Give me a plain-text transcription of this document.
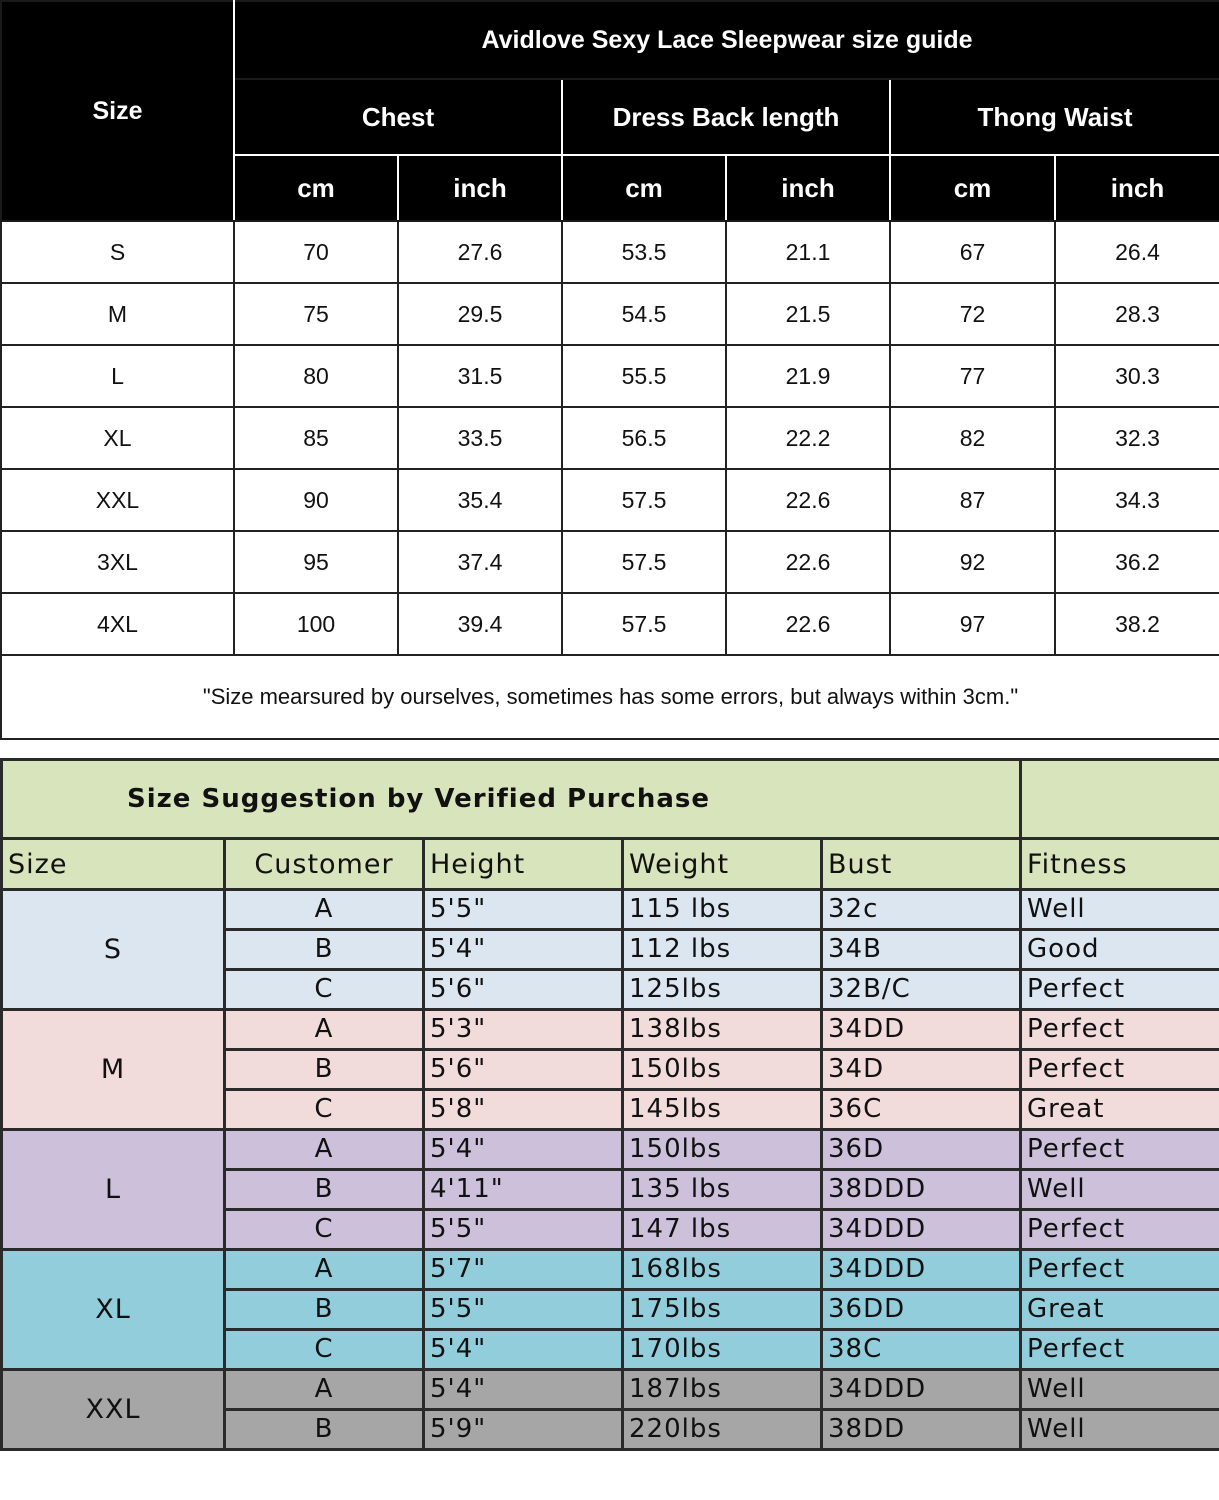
Size	Avidlove Sexy Lace Sleepwear size guide					
	Chest		Dress Back length		Thong Waist	
	cm	inch	cm	inch	cm	inch
S	70	27.6	53.5	21.1	67	26.4
M	75	29.5	54.5	21.5	72	28.3
L	80	31.5	55.5	21.9	77	30.3
XL	85	33.5	56.5	22.2	82	32.3
XXL	90	35.4	57.5	22.6	87	34.3
3XL	95	37.4	57.5	22.6	92	36.2
4XL	100	39.4	57.5	22.6	97	38.2
"Size mearsured by ourselves, sometimes has some errors, but always within 3cm."						
Size Suggestion by Verified Purchase					
Size	Customer	Height	Weight	Bust	Fitness
S	A	5'5"	115 lbs	32c	Well
	B	5'4"	112 lbs	34B	Good
	C	5'6"	125lbs	32B/C	Perfect
M	A	5'3"	138lbs	34DD	Perfect
	B	5'6"	150lbs	34D	Perfect
	C	5'8"	145lbs	36C	Great
L	A	5'4"	150lbs	36D	Perfect
	B	4'11"	135 lbs	38DDD	Well
	C	5'5"	147 lbs	34DDD	Perfect
XL	A	5'7"	168lbs	34DDD	Perfect
	B	5'5"	175lbs	36DD	Great
	C	5'4"	170lbs	38C	Perfect
XXL	A	5'4"	187lbs	34DDD	Well
	B	5'9"	220lbs	38DD	Well
